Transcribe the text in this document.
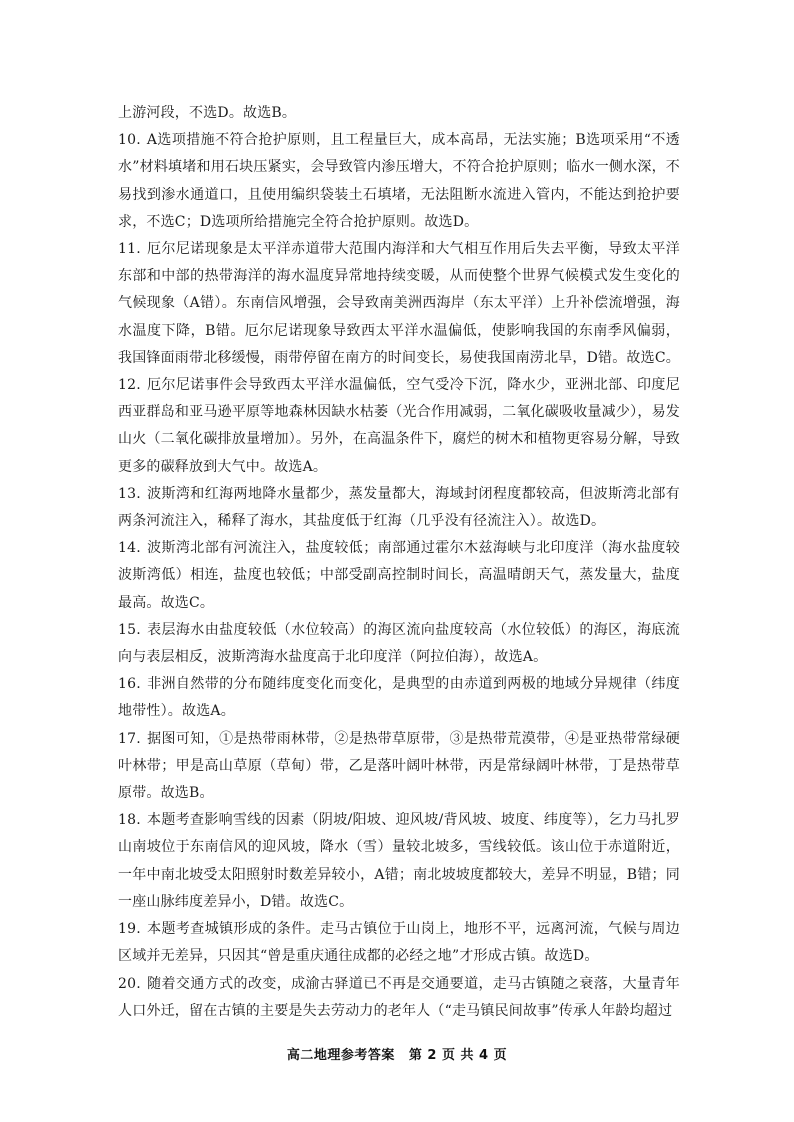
上游河段，不选D。故选B。

10. A选项措施不符合抢护原则，且工程量巨大，成本高昂，无法实施；B选项采用“不透水”材料填堵和用石块压紧实，会导致管内渗压增大，不符合抢护原则；临水一侧水深，不易找到渗水通道口，且使用编织袋装土石填堵，无法阻断水流进入管内，不能达到抢护要求，不选C；D选项所给措施完全符合抢护原则。故选D。

11. 厄尔尼诺现象是太平洋赤道带大范围内海洋和大气相互作用后失去平衡，导致太平洋东部和中部的热带海洋的海水温度异常地持续变暖，从而使整个世界气候模式发生变化的气候现象（A错）。东南信风增强，会导致南美洲西海岸（东太平洋）上升补偿流增强，海水温度下降，B错。厄尔尼诺现象导致西太平洋水温偏低，使影响我国的东南季风偏弱，我国锋面雨带北移缓慢，雨带停留在南方的时间变长，易使我国南涝北旱，D错。故选C。

12. 厄尔尼诺事件会导致西太平洋水温偏低，空气受冷下沉，降水少，亚洲北部、印度尼西亚群岛和亚马逊平原等地森林因缺水枯萎（光合作用减弱，二氧化碳吸收量减少），易发山火（二氧化碳排放量增加）。另外，在高温条件下，腐烂的树木和植物更容易分解，导致更多的碳释放到大气中。故选A。

13. 波斯湾和红海两地降水量都少，蒸发量都大，海域封闭程度都较高，但波斯湾北部有两条河流注入，稀释了海水，其盐度低于红海（几乎没有径流注入）。故选D。

14. 波斯湾北部有河流注入，盐度较低；南部通过霍尔木兹海峡与北印度洋（海水盐度较波斯湾低）相连，盐度也较低；中部受副高控制时间长，高温晴朗天气，蒸发量大，盐度最高。故选C。

15. 表层海水由盐度较低（水位较高）的海区流向盐度较高（水位较低）的海区，海底流向与表层相反，波斯湾海水盐度高于北印度洋（阿拉伯海），故选A。

16. 非洲自然带的分布随纬度变化而变化，是典型的由赤道到两极的地域分异规律（纬度地带性）。故选A。

17. 据图可知，①是热带雨林带，②是热带草原带，③是热带荒漠带，④是亚热带常绿硬叶林带；甲是高山草原（草甸）带，乙是落叶阔叶林带，丙是常绿阔叶林带，丁是热带草原带。故选B。

18. 本题考查影响雪线的因素（阴坡/阳坡、迎风坡/背风坡、坡度、纬度等），乞力马扎罗山南坡位于东南信风的迎风坡，降水（雪）量较北坡多，雪线较低。该山位于赤道附近，一年中南北坡受太阳照射时数差异较小，A错；南北坡坡度都较大，差异不明显，B错；同一座山脉纬度差异小，D错。故选C。

19. 本题考查城镇形成的条件。走马古镇位于山岗上，地形不平，远离河流，气候与周边区域并无差异，只因其“曾是重庆通往成都的必经之地”才形成古镇。故选D。

20. 随着交通方式的改变，成渝古驿道已不再是交通要道，走马古镇随之衰落，大量青年人口外迁，留在古镇的主要是失去劳动力的老年人（“走马镇民间故事”传承人年龄均超过

高二地理参考答案 第 2 页 共 4 页
